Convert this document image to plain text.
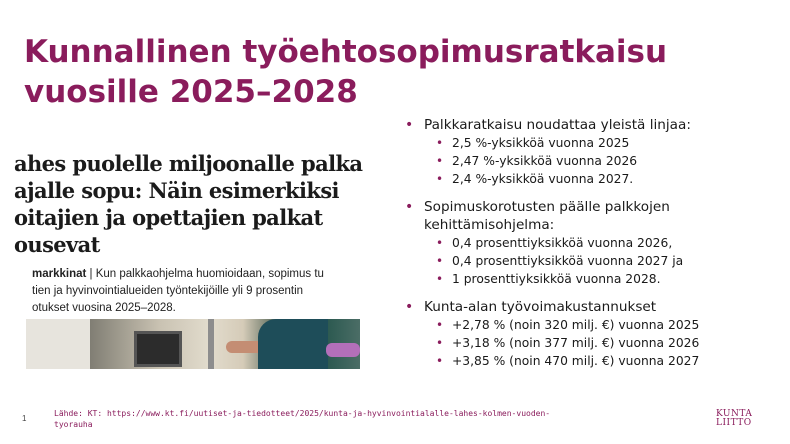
Kunnallinen työehtosopimusratkaisu
vuosille 2025–2028
ahes puolelle miljoonalle palka
ajalle sopu: Näin esimerkiksi
oitajien ja opettajien palkat
ousevat
markkinat | Kun palkkaohjelma huomioidaan, sopimus tu
tien ja hyvinvointialueiden työntekijöille yli 9 prosentin
otukset vuosina 2025–2028.
• Palkkaratkaisu noudattaa yleistä linjaa:
• 2,5 %-yksikköä vuonna 2025
• 2,47 %-yksikköä vuonna 2026
• 2,4 %-yksikköä vuonna 2027.
• Sopimuskorotusten päälle palkkojen kehittämisohjelma:
• 0,4 prosenttiyksikköä vuonna 2026,
• 0,4 prosenttiyksikköä vuonna 2027 ja
• 1 prosenttiyksikköä vuonna 2028.
• Kunta-alan työvoimakustannukset
• +2,78 % (noin 320 milj. €) vuonna 2025
• +3,18 % (noin 377 milj. €) vuonna 2026
• +3,85 % (noin 470 milj. €) vuonna 2027
1
Lähde: KT: https://www.kt.fi/uutiset-ja-tiedotteet/2025/kunta-ja-hyvinvointialalle-lahes-kolmen-vuoden-tyorauha
KUNTA
LIITTO
